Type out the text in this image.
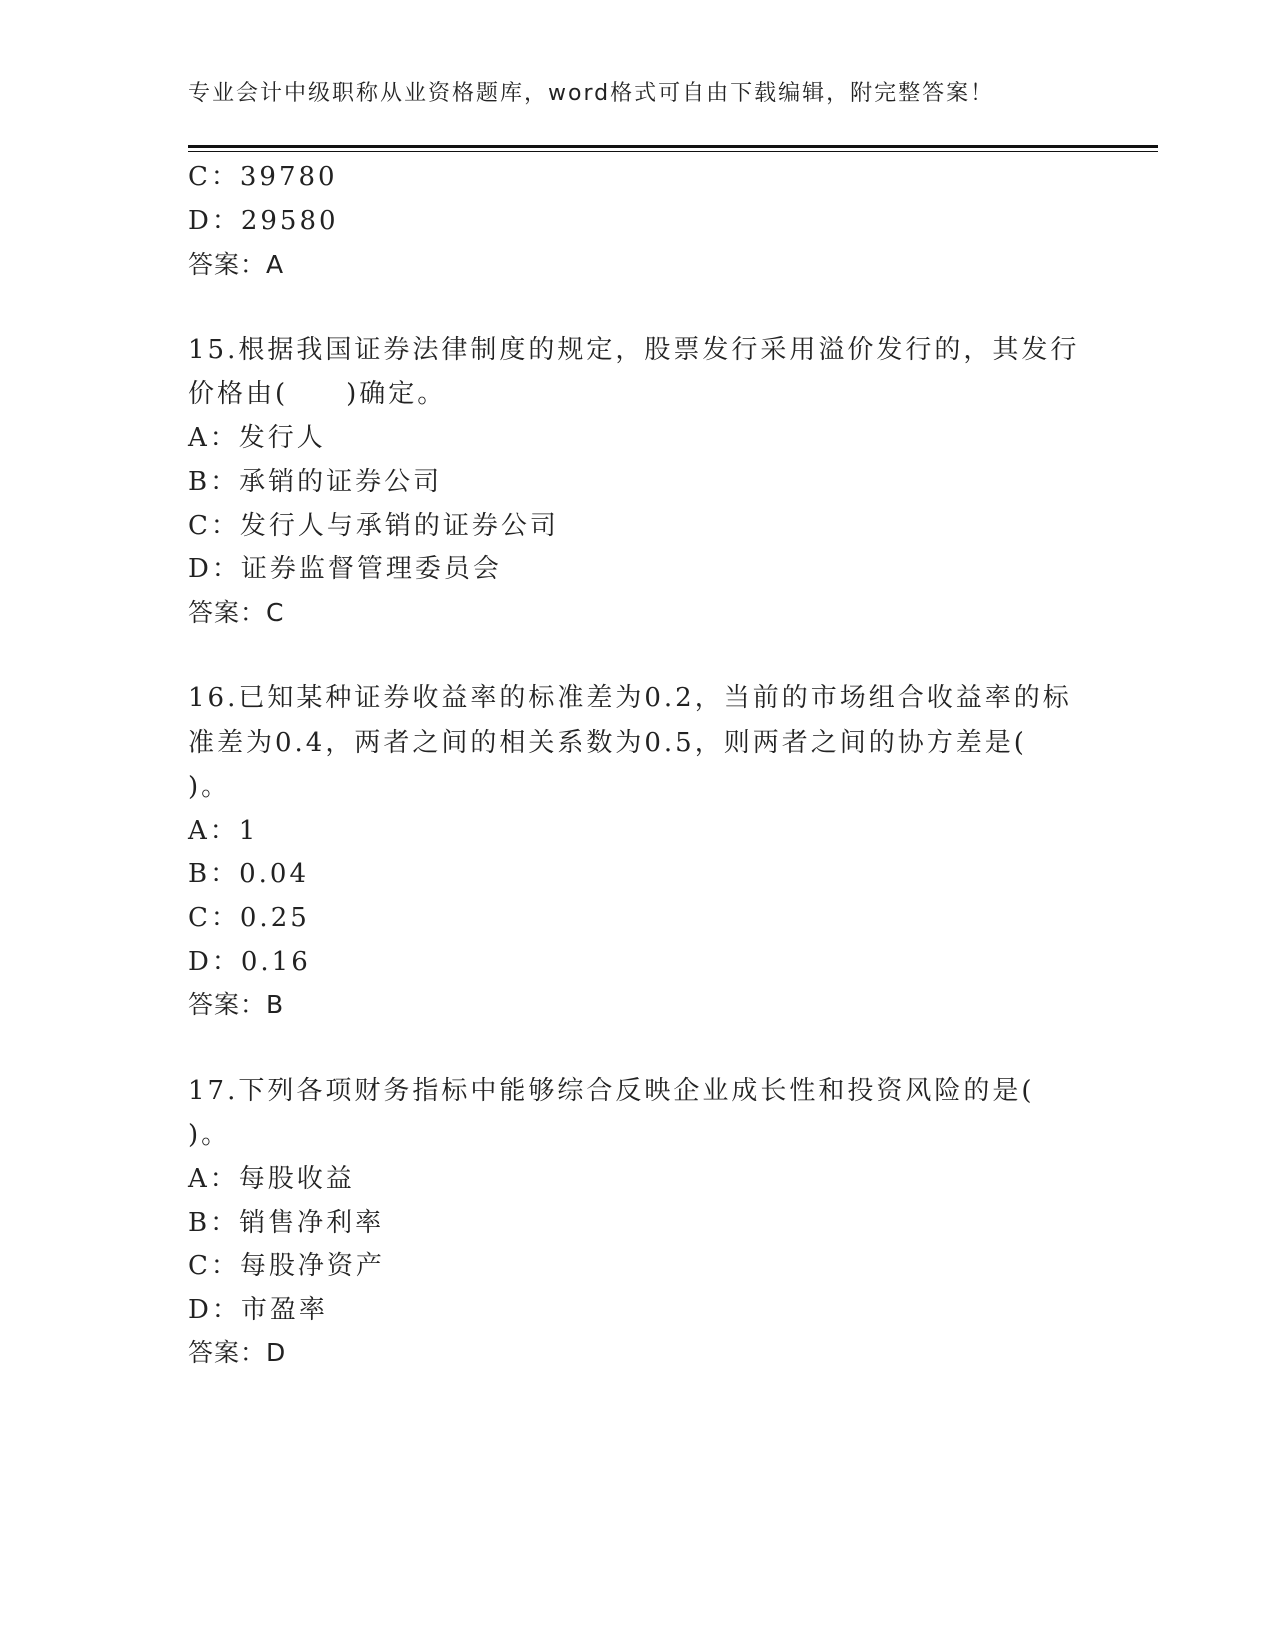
专业会计中级职称从业资格题库，word格式可自由下载编辑，附完整答案！
C：39780
D：29580
答案：A
15.根据我国证券法律制度的规定，股票发行采用溢价发行的，其发行
价格由(　　)确定。
A：发行人
B：承销的证券公司
C：发行人与承销的证券公司
D：证券监督管理委员会
答案：C
16.已知某种证券收益率的标准差为0.2，当前的市场组合收益率的标
准差为0.4，两者之间的相关系数为0.5，则两者之间的协方差是(
)。
A：1
B：0.04
C：0.25
D：0.16
答案：B
17.下列各项财务指标中能够综合反映企业成长性和投资风险的是(
)。
A：每股收益
B：销售净利率
C：每股净资产
D：市盈率
答案：D
